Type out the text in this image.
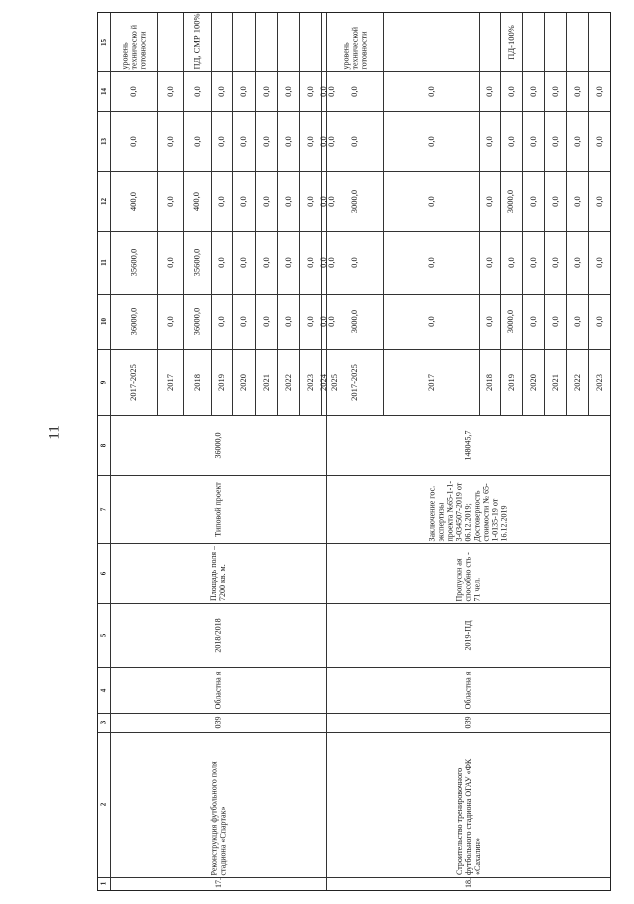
11
1
2
3
4
5
6
7
8
9
10
11
12
13
14
15
17.
Реконструкция футбольного поля стадиона «Спартак»
039
Областна я
2018/2018
Площадь поля – 7200 кв. м.
Типовой проект
36000,0
2017-2025
36000,0
35600,0
400,0
0,0
0,0
2017
0,0
0,0
0,0
0,0
0,0
2018
36000,0
35600,0
400,0
0,0
0,0
ПД, СМР 100%
2019
0,0
0,0
0,0
0,0
0,0
2020
0,0
0,0
0,0
0,0
0,0
2021
0,0
0,0
0,0
0,0
0,0
2022
0,0
0,0
0,0
0,0
0,0
2023
0,0
0,0
0,0
0,0
0,0
2024
0,0
0,0
0,0
0,0
0,0
2025
0,0
0,0
0,0
0,0
0,0
уровень техническо й готовности
18.
Строительство тренировочного футбольного стадиона ОГАУ «ФК «Сахалин»
039
Областна я
2019-ПД
Пропускн ая способно сть - 71 чел.
Заключение гос. экспертизы проекта №65-1-1-3-034507-2019 от 06.12.2019; Достоверность стоимости № 65-1-0135-19 от 16.12.2019
148045,7
2017-2025
3000,0
0,0
3000,0
0,0
0,0
2017
0,0
0,0
0,0
0,0
0,0
2018
0,0
0,0
0,0
0,0
0,0
2019
3000,0
0,0
3000,0
0,0
0,0
ПД-100%
2020
0,0
0,0
0,0
0,0
0,0
2021
0,0
0,0
0,0
0,0
0,0
2022
0,0
0,0
0,0
0,0
0,0
2023
0,0
0,0
0,0
0,0
0,0
уровень технической готовности
